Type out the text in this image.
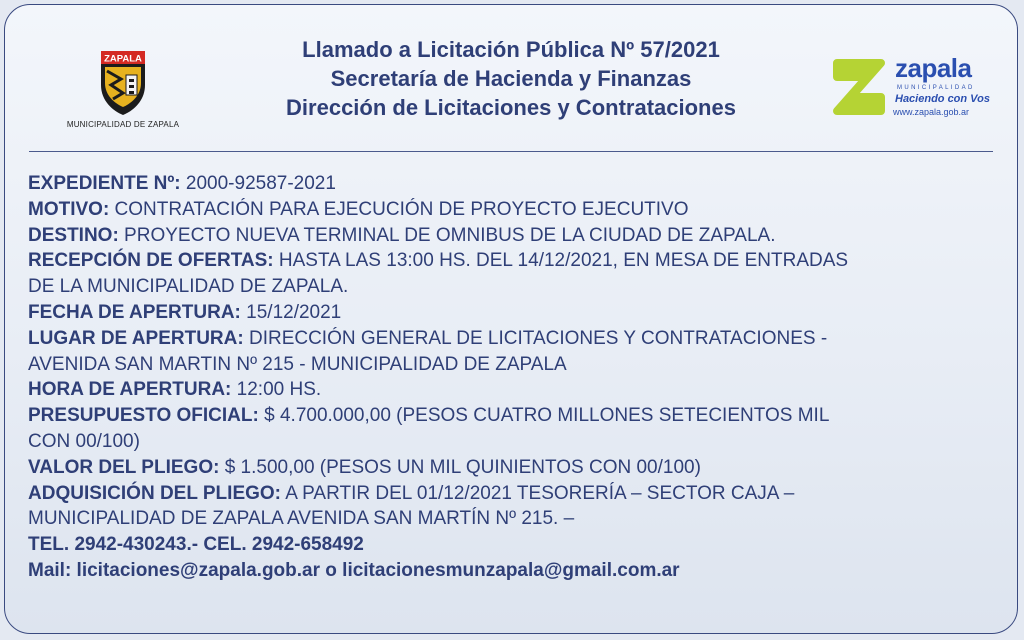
ZAPALA
MUNICIPALIDAD DE ZAPALA
Llamado a Licitación Pública Nº 57/2021
Secretaría de Hacienda y Finanzas
Dirección de Licitaciones y Contrataciones
zapala
MUNICIPALIDAD
Haciendo con Vos
www.zapala.gob.ar
EXPEDIENTE Nº: 2000-92587-2021
MOTIVO: CONTRATACIÓN PARA EJECUCIÓN DE PROYECTO EJECUTIVO
DESTINO: PROYECTO NUEVA TERMINAL DE OMNIBUS DE LA CIUDAD DE ZAPALA.
RECEPCIÓN DE OFERTAS: HASTA LAS 13:00 HS. DEL 14/12/2021, EN MESA DE ENTRADAS
DE LA MUNICIPALIDAD DE ZAPALA.
FECHA DE APERTURA: 15/12/2021
LUGAR DE APERTURA: DIRECCIÓN GENERAL DE LICITACIONES Y CONTRATACIONES -
AVENIDA SAN MARTIN Nº 215 - MUNICIPALIDAD DE ZAPALA
HORA DE APERTURA: 12:00 HS.
PRESUPUESTO OFICIAL: $ 4.700.000,00 (PESOS CUATRO MILLONES SETECIENTOS MIL
CON 00/100)
VALOR DEL PLIEGO: $ 1.500,00 (PESOS UN MIL QUINIENTOS CON 00/100)
ADQUISICIÓN DEL PLIEGO: A PARTIR DEL 01/12/2021 TESORERÍA – SECTOR CAJA –
MUNICIPALIDAD DE ZAPALA AVENIDA SAN MARTÍN Nº 215. –
TEL. 2942-430243.- CEL. 2942-658492
Mail: licitaciones@zapala.gob.ar o licitacionesmunzapala@gmail.com.ar
